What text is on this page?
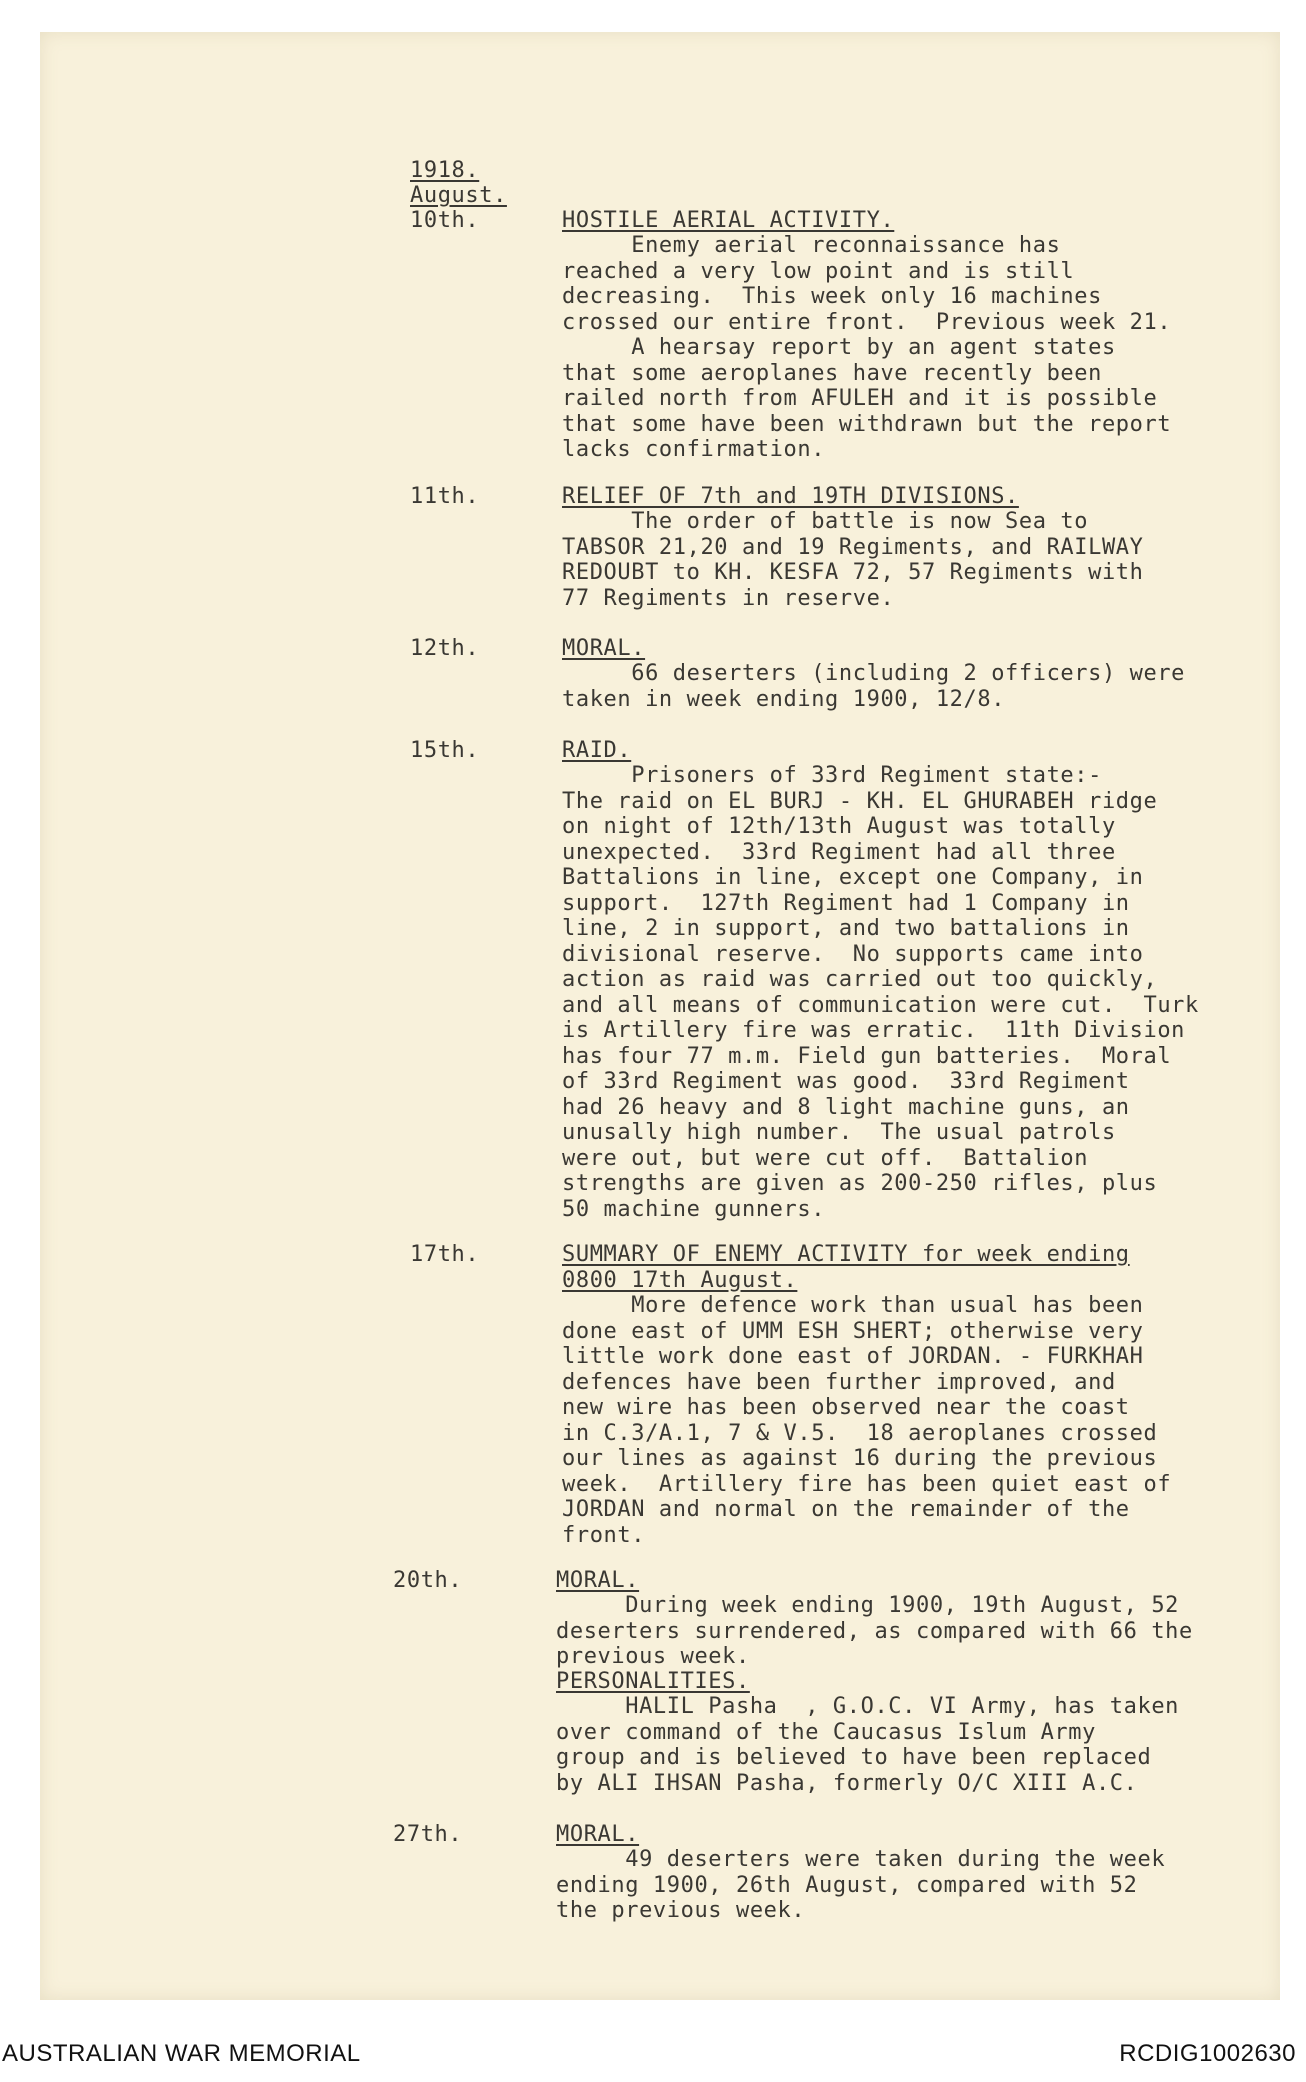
1918.
August.
10th.	HOSTILE AERIAL ACTIVITY.
Enemy aerial reconnaissance has
reached a very low point and is still
decreasing.  This week only 16 machines
crossed our entire front.  Previous week 21.
A hearsay report by an agent states
that some aeroplanes have recently been
railed north from AFULEH and it is possible
that some have been withdrawn but the report
lacks confirmation.
11th.	RELIEF OF 7th and 19TH DIVISIONS.
The order of battle is now Sea to
TABSOR 21,20 and 19 Regiments, and RAILWAY
REDOUBT to KH. KESFA 72, 57 Regiments with
77 Regiments in reserve.
12th.	MORAL.
66 deserters (including 2 officers) were
taken in week ending 1900, 12/8.
15th.	RAID.
Prisoners of 33rd Regiment state:-
The raid on EL BURJ - KH. EL GHURABEH ridge
on night of 12th/13th August was totally
unexpected.  33rd Regiment had all three
Battalions in line, except one Company, in
support.  127th Regiment had 1 Company in
line, 2 in support, and two battalions in
divisional reserve.  No supports came into
action as raid was carried out too quickly,
and all means of communication were cut.  Turk
is Artillery fire was erratic.  11th Division
has four 77 m.m. Field gun batteries.  Moral
of 33rd Regiment was good.  33rd Regiment
had 26 heavy and 8 light machine guns, an
unusally high number.  The usual patrols
were out, but were cut off.  Battalion
strengths are given as 200-250 rifles, plus
50 machine gunners.
17th.	SUMMARY OF ENEMY ACTIVITY for week ending
0800 17th August.
More defence work than usual has been
done east of UMM ESH SHERT; otherwise very
little work done east of JORDAN. - FURKHAH
defences have been further improved, and
new wire has been observed near the coast
in C.3/A.1, 7 & V.5.  18 aeroplanes crossed
our lines as against 16 during the previous
week.  Artillery fire has been quiet east of
JORDAN and normal on the remainder of the
front.
20th.	MORAL.
During week ending 1900, 19th August, 52
deserters surrendered, as compared with 66 the
previous week.
PERSONALITIES.
HALIL Pasha  , G.O.C. VI Army, has taken
over command of the Caucasus Islum Army
group and is believed to have been replaced
by ALI IHSAN Pasha, formerly O/C XIII A.C.
27th.	MORAL.
49 deserters were taken during the week
ending 1900, 26th August, compared with 52
the previous week.
AUSTRALIAN WAR MEMORIAL	RCDIG1002630
